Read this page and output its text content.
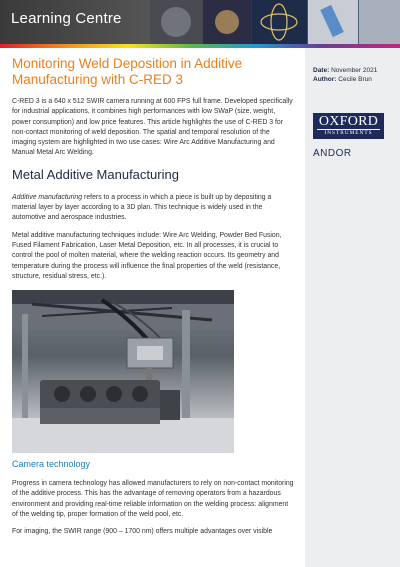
Learning Centre
Date: November 2021
Author: Cecile Brun
OXFORD
INSTRUMENTS
ANDOR
Monitoring Weld Deposition in Additive Manufacturing with C-RED 3

C-RED 3 is a 640 x 512 SWIR camera running at 600 FPS full frame. Developed specifically for industrial applications, it combines high performances with low SWaP (size, weight, power consumption) and low price features. This article highlights the use of C-RED 3 for non-contact monitoring of weld deposition. The spatial and temporal resolution of the imaging system are highlighted in two use cases: Wire Arc Additive Manufacturing and Manual Metal Arc Welding.

Metal Additive Manufacturing

Additive manufacturing refers to a process in which a piece is built up by depositing a material layer by layer according to a 3D plan. This technique is widely used in the automotive and aerospace industries.

Metal additive manufacturing techniques include: Wire Arc Welding, Powder Bed Fusion, Fused Filament Fabrication, Laser Metal Deposition, etc. In all processes, it is crucial to control the pool of molten material, where the welding reaction occurs. Its geometry and temperature during the process will influence the final properties of the weld (resistance, structure, residual stress, etc.).

Camera technology

Progress in camera technology has allowed manufacturers to rely on non-contact monitoring of the additive process. This has the advantage of removing operators from a hazardous environment and providing real-time reliable information on the welding process: alignment of the welding tip, proper formation of the weld pool, etc.

For imaging, the SWIR range (900 – 1700 nm) offers multiple advantages over visible
